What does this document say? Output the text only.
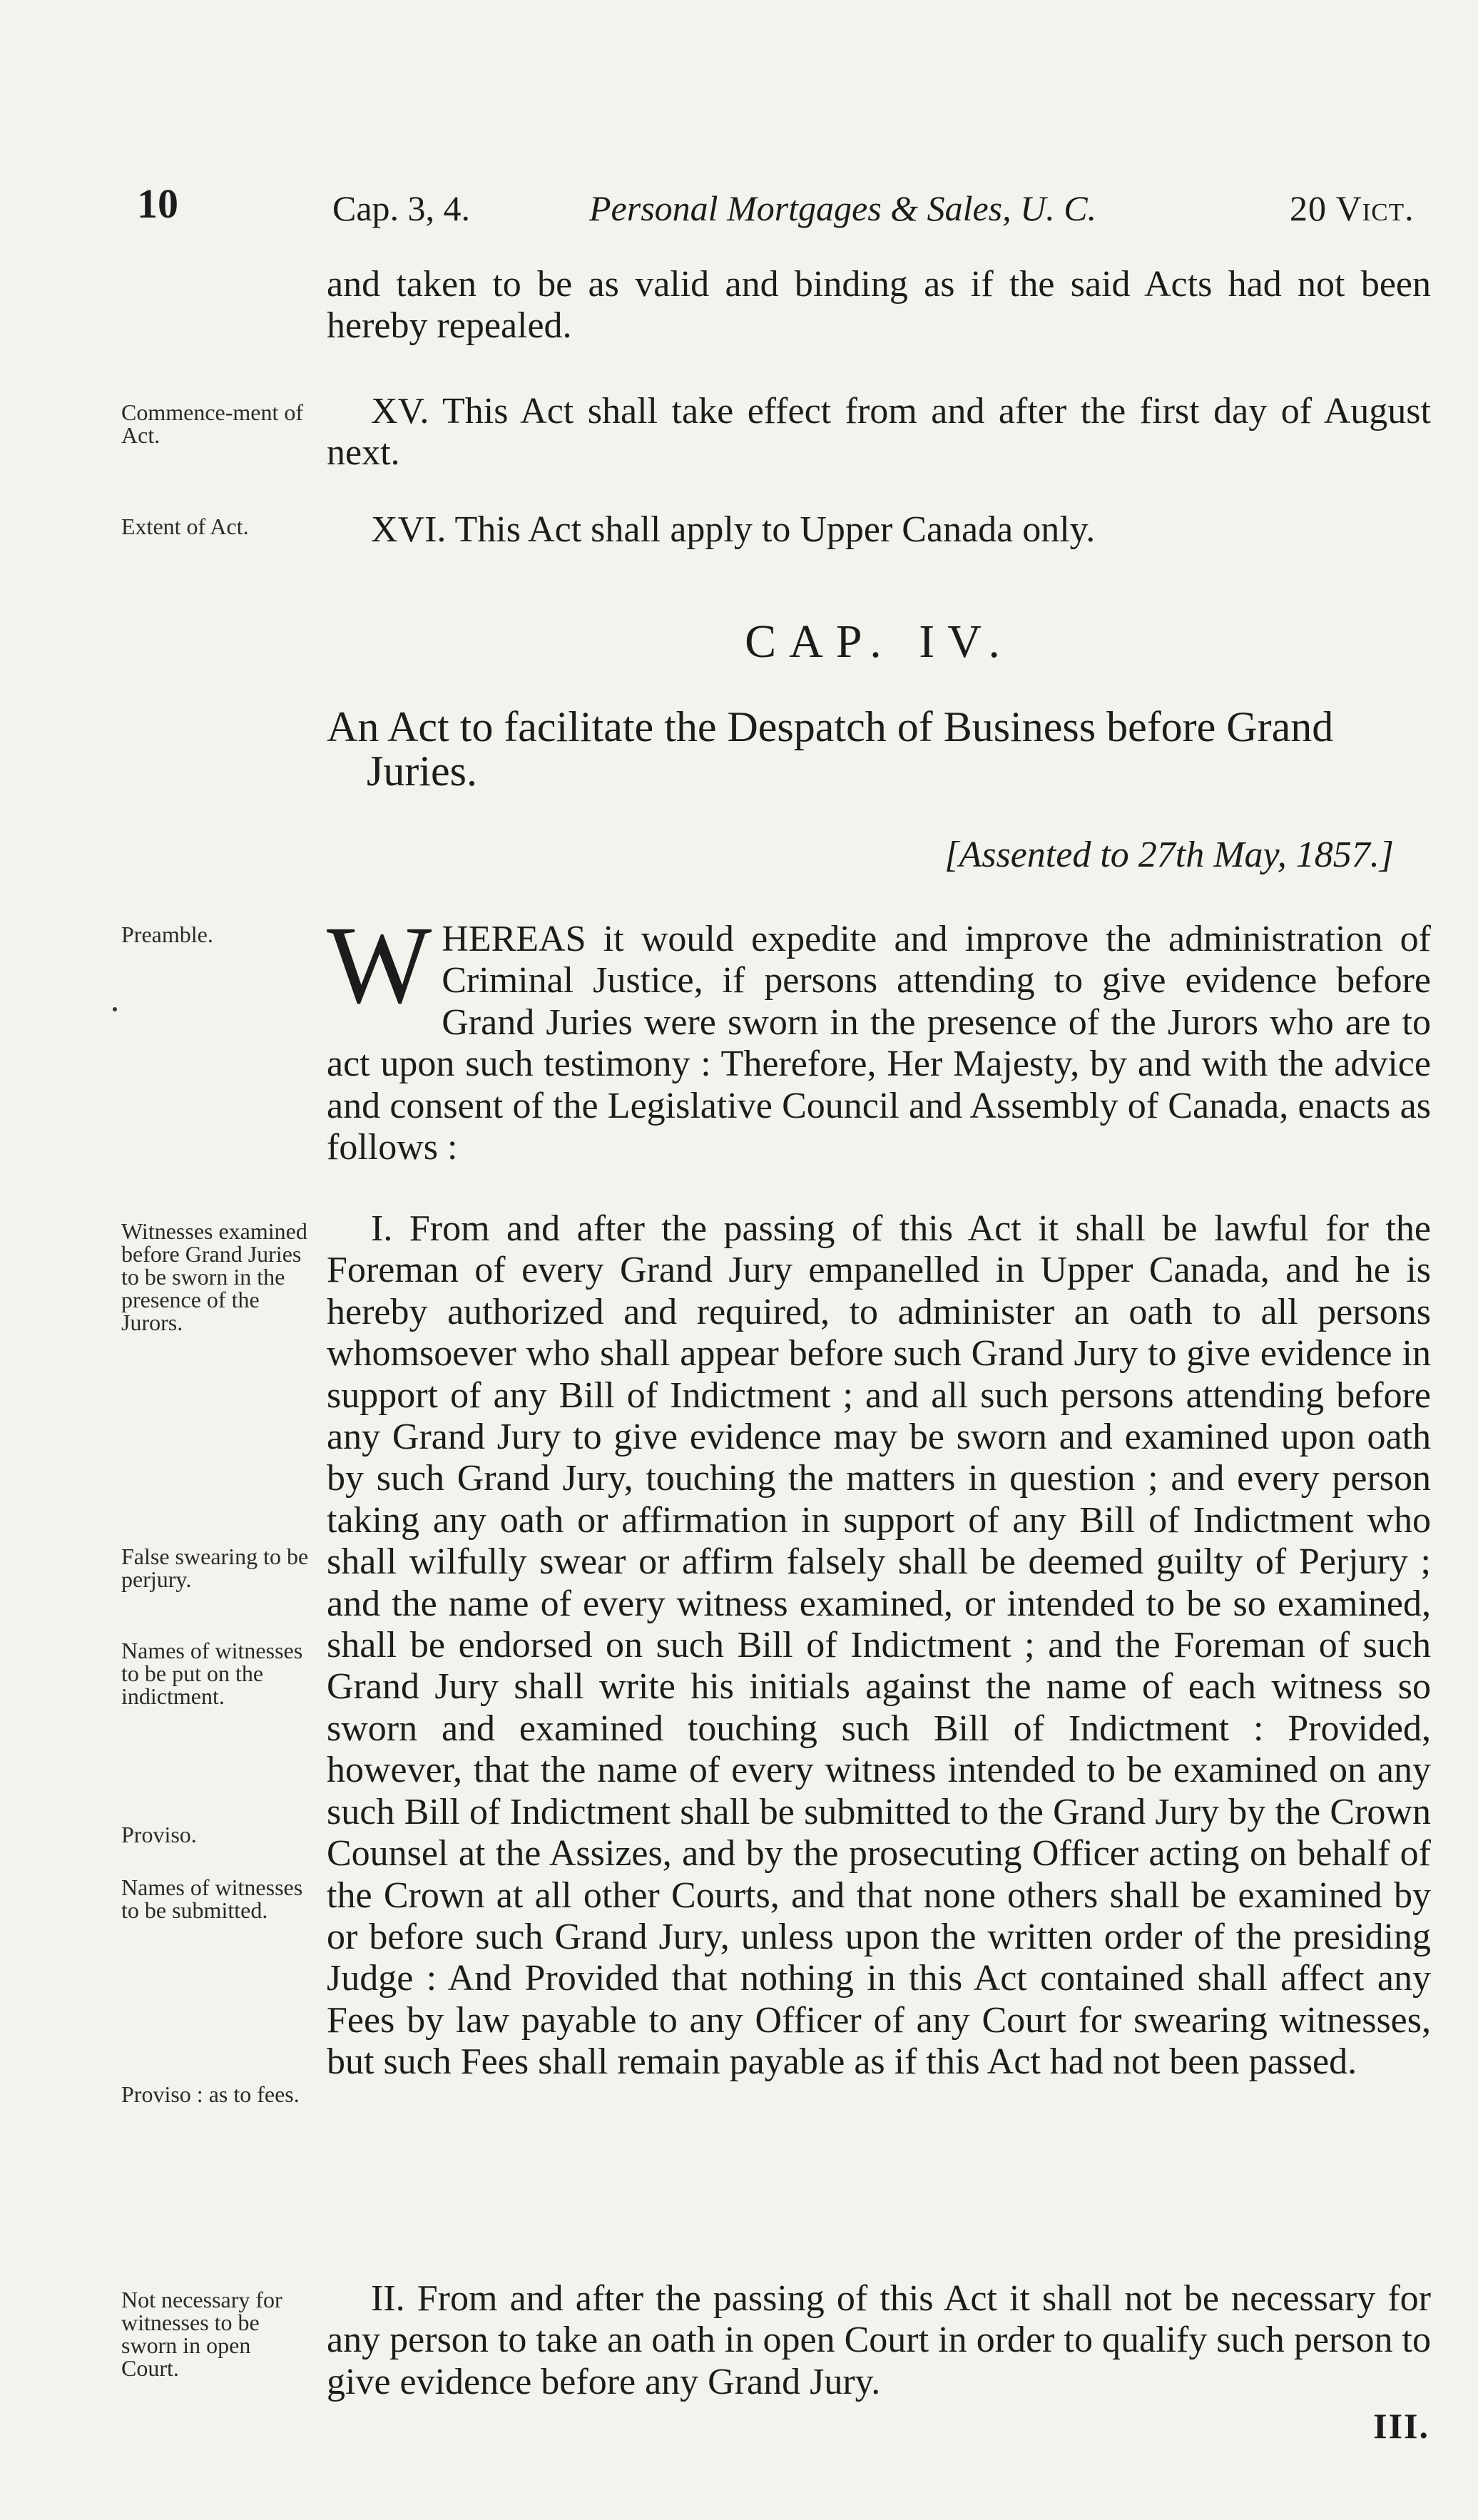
10	Cap. 3, 4.	Personal Mortgages & Sales, U. C.	20 Vict.
and taken to be as valid and binding as if the said Acts had not been hereby repealed.
Commence-ment of Act.
XV. This Act shall take effect from and after the first day of August next.
Extent of Act.	XVI. This Act shall apply to Upper Canada only.
CAP. IV.
An Act to facilitate the Despatch of Business before Grand Juries.
[Assented to 27th May, 1857.]
Preamble.	WHEREAS it would expedite and improve the administration of Criminal Justice, if persons attending to give evidence before Grand Juries were sworn in the presence of the Jurors who are to act upon such testimony : Therefore, Her Majesty, by and with the advice and consent of the Legislative Council and Assembly of Canada, enacts as follows :
Witnesses examined before Grand Juries to be sworn in the presence of the Jurors.
False swearing to be perjury.
Names of witnesses to be put on the indictment.
Proviso.
Names of witnesses to be submitted.
Proviso : as to fees.
I. From and after the passing of this Act it shall be lawful for the Foreman of every Grand Jury empanelled in Upper Canada, and he is hereby authorized and required, to administer an oath to all persons whomsoever who shall appear before such Grand Jury to give evidence in support of any Bill of Indictment ; and all such persons attending before any Grand Jury to give evidence may be sworn and examined upon oath by such Grand Jury, touching the matters in question ; and every person taking any oath or affirmation in support of any Bill of Indictment who shall wilfully swear or affirm falsely shall be deemed guilty of Perjury ; and the name of every witness examined, or intended to be so examined, shall be endorsed on such Bill of Indictment ; and the Foreman of such Grand Jury shall write his initials against the name of each witness so sworn and examined touching such Bill of Indictment : Provided, however, that the name of every witness intended to be examined on any such Bill of Indictment shall be submitted to the Grand Jury by the Crown Counsel at the Assizes, and by the prosecuting Officer acting on behalf of the Crown at all other Courts, and that none others shall be examined by or before such Grand Jury, unless upon the written order of the presiding Judge : And Provided that nothing in this Act contained shall affect any Fees by law payable to any Officer of any Court for swearing witnesses, but such Fees shall remain payable as if this Act had not been passed.
Not necessary for witnesses to be sworn in open Court.
II. From and after the passing of this Act it shall not be necessary for any person to take an oath in open Court in order to qualify such person to give evidence before any Grand Jury.
III.
